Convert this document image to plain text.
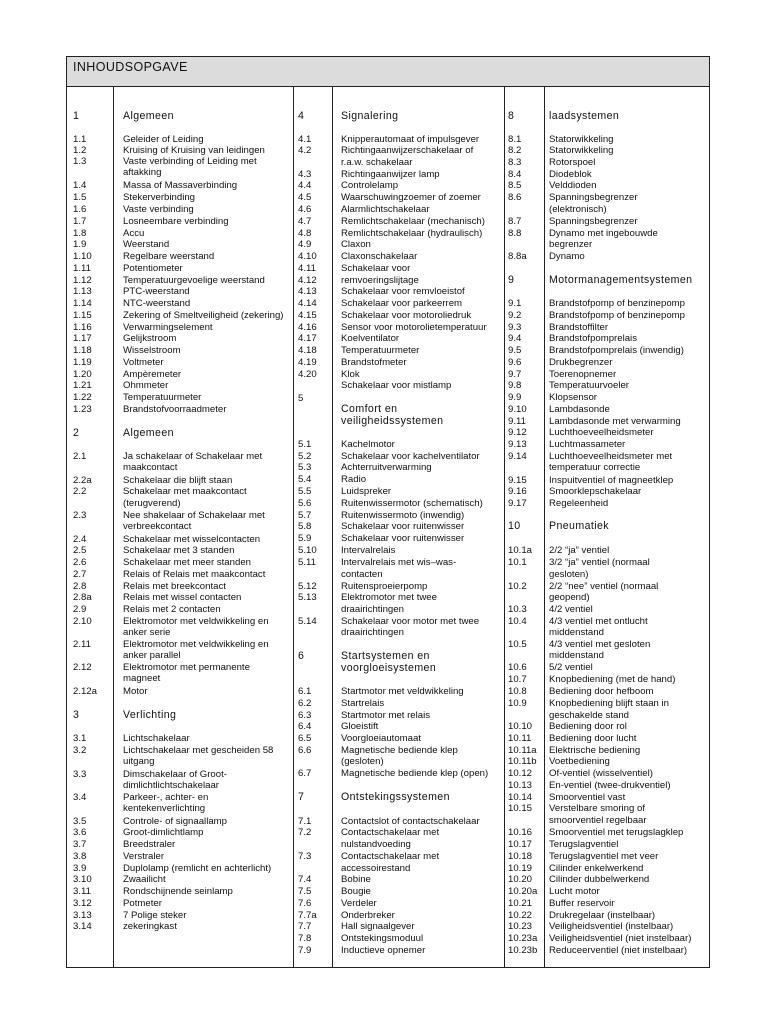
INHOUDSOPGAVE
1	Algemeen
1.1	Geleider of Leiding
1.2	Kruising of Kruising van leidingen
1.3	Vaste verbinding of Leiding met
aftakking
1.4	Massa of Massaverbinding
1.5	Stekerverbinding
1.6	Vaste verbinding
1.7	Losneembare verbinding
1.8	Accu
1.9	Weerstand
1.10	Regelbare weerstand
1.11	Potentiometer
1.12	Temperatuurgevoelige weerstand
1.13	PTC-weerstand
1.14	NTC-weerstand
1.15	Zekering of Smeltveiligheid (zekering)
1.16	Verwarmingselement
1.17	Gelijkstroom
1.18	Wisselstroom
1.19	Voltmeter
1.20	Ampèremeter
1.21	Ohmmeter
1.22	Temperatuurmeter
1.23	Brandstofvoorraadmeter
2	Algemeen
2.1	Ja schakelaar of Schakelaar met
maakcontact
2.2a	Schakelaar die blijft staan
2.2	Schakelaar met maakcontact
(terugverend)
2.3	Nee shakelaar of Schakelaar met
verbreekcontact
2.4	Schakelaar met wisselcontacten
2.5	Schakelaar met 3 standen
2.6	Schakelaar met meer standen
2.7	Relais of Relais met maakcontact
2.8	Relais met breekcontact
2.8a	Relais met wissel contacten
2.9	Relais met 2 contacten
2.10	Elektromotor met veldwikkeling en
anker serie
2.11	Elektromotor met veldwikkeling en
anker parallel
2.12	Elektromotor met permanente
magneet
2.12a	Motor
3	Verlichting
3.1	Lichtschakelaar
3.2	Lichtschakelaar met gescheiden 58
uitgang
3.3	Dimschakelaar of Groot-
dimlichtlichtschakelaar
3.4	Parkeer-, achter- en
kentekenverlichting
3.5	Controle- of signaallamp
3.6	Groot-dimlichtlamp
3.7	Breedstraler
3.8	Verstraler
3.9	Duplolamp (remlicht en achterlicht)
3.10	Zwaailicht
3.11	Rondschijnende seinlamp
3.12	Potmeter
3.13	7 Polige steker
3.14	zekeringkast
4	Signalering
4.1	Knipperautomaat of impulsgever
4.2	Richtingaanwijzerschakelaar of
r.a.w. schakelaar
4.3	Richtingaanwijzer lamp
4.4	Controlelamp
4.5	Waarschuwingzoemer of zoemer
4.6	Alarmlichtschakelaar
4.7	Remlichtschakelaar (mechanisch)
4.8	Remlichtschakelaar (hydraulisch)
4.9	Claxon
4.10	Claxonschakelaar
4.11	Schakelaar voor
4.12	remvoeringslijtage
4.13	Schakelaar voor remvloeistof
4.14	Schakelaar voor parkeerrem
4.15	Schakelaar voor motoroliedruk
4.16	Sensor voor motorolietemperatuur
4.17	Koelventilator
4.18	Temperatuurmeter
4.19	Brandstofmeter
4.20	Klok
Schakelaar voor mistlamp
5
Comfort en
veiligheidssystemen
5.1	Kachelmotor
5.2	Schakelaar voor kachelventilator
5.3	Achterruitverwarming
5.4	Radio
5.5	Luidspreker
5.6	Ruitenwissermotor (schematisch)
5.7	Ruitenwissermoto (inwendig)
5.8	Schakelaar voor ruitenwisser
5.9	Schakelaar voor ruitenwisser
5.10	Intervalrelais
5.11	Intervalrelais met wis–was-
contacten
5.12	Ruitensproeierpomp
5.13	Elektromotor met twee
draairichtingen
5.14	Schakelaar voor motor met twee
draairichtingen
6	Startsystemen en
voorgloeisystemen
6.1	Startmotor met veldwikkeling
6.2	Startrelais
6.3	Startmotor met relais
6.4	Gloeistift
6.5	Voorgloeiautomaat
6.6	Magnetische bediende klep
(gesloten)
6.7	Magnetische bediende klep (open)
7	Ontstekingssystemen
7.1	Contactslot of contactschakelaar
7.2	Contactschakelaar met
nulstandvoeding
7.3	Contactschakelaar met
accessoirestand
7.4	Bobine
7.5	Bougie
7.6	Verdeler
7.7a	Onderbreker
7.7	Hall signaalgever
7.8	Ontstekingsmoduul
7.9	Inductieve opnemer
8	laadsystemen
8.1	Statorwikkeling
8.2	Statorwikkeling
8.3	Rotorspoel
8.4	Diodeblok
8.5	Velddioden
8.6	Spanningsbegrenzer
(elektronisch)
8.7	Spanningsbegrenzer
8.8	Dynamo met ingebouwde
begrenzer
8.8a Dynamo
9	Motormanagementsystemen
9.1	Brandstofpomp of benzinepomp
9.2	Brandstofpomp of benzinepomp
9.3	Brandstoffilter
9.4	Brandstofpomprelais
9.5	Brandstofpomprelais (inwendig)
9.6	Drukbegrenzer
9.7	Toerenopnemer
9.8	Temperatuurvoeler
9.9	Klopsensor
9.10 Lambdasonde
9.11 Lambdasonde met verwarming
9.12 Luchthoeveelheidsmeter
9.13 Luchtmassameter
9.14 Luchthoeveelheidsmeter met
temperatuur correctie
9.15 Inspuitventiel of magneetklep
9.16 Smoorklepschakelaar
9.17 Regeleenheid
10	Pneumatiek
10.1a 2/2 “ja” ventiel
10.1 3/2 “ja” ventiel (normaal
gesloten)
10.2 2/2 “nee” ventiel (normaal
geopend)
10.3 4/2 ventiel
10.4 4/3 ventiel met ontlucht
middenstand
10.5 4/3 ventiel met gesloten
middenstand
10.6 5/2 ventiel
10.7 Knopbediening (met de hand)
10.8 Bediening door hefboom
10.9 Knopbediening blijft staan in
geschakelde stand
10.10 Bediening door rol
10.11 Bediening door lucht
10.11a Elektrische bediening
10.11b Voetbediening
10.12 Of-ventiel (wisselventiel)
10.13 En-ventiel (twee-drukventiel)
10.14 Smoorventiel vast
10.15 Verstelbare smoring of
smoorventiel regelbaar
10.16 Smoorventiel met terugslagklep
10.17 Terugslagventiel
10.18 Terugslagventiel met veer
10.19 Cilinder enkelwerkend
10.20 Cilinder dubbelwerkend
10.20a Lucht motor
10.21 Buffer reservoir
10.22 Drukregelaar (instelbaar)
10.23 Veiligheidsventiel (instelbaar)
10.23a Veiligheidsventiel (niet instelbaar)
10.23b Reduceerventiel (niet instelbaar)
